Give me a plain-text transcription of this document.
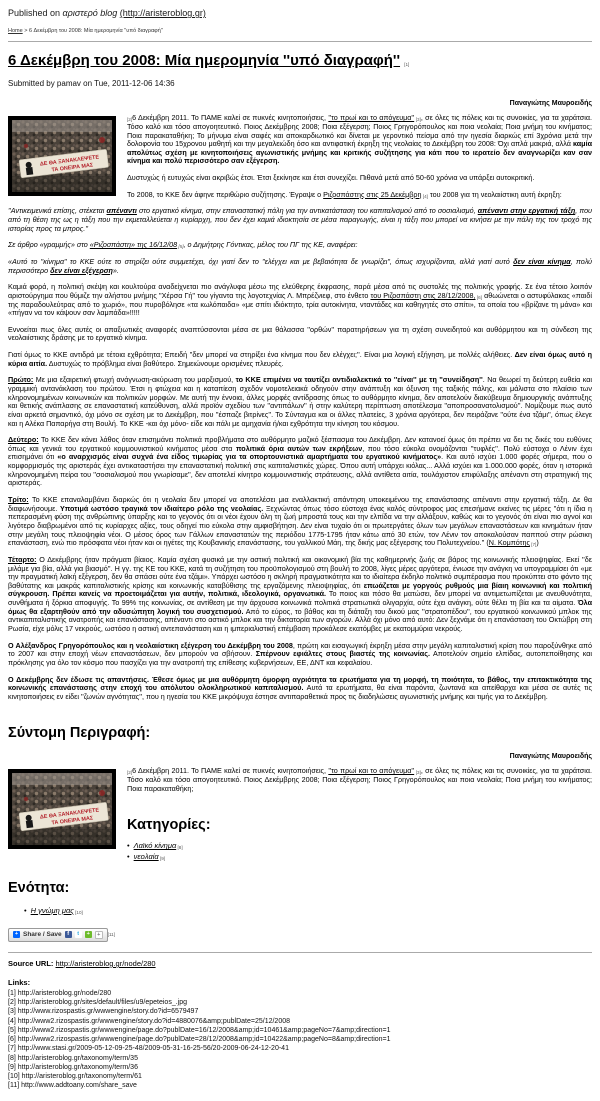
Published on αριστερό blog (http://aristeroblog.gr)
Home > 6 Δεκέμβρη του 2008: Μία ημερομηνία ''υπό διαγραφή''
6 Δεκέμβρη του 2008: Μία ημερομηνία ''υπό διαγραφή'' [1]
Submitted by pamav on Tue, 2011-12-06 14:36
Παναγιώτης Μαυροειδής

[2]6 Δεκέμβρη 2011. Το ΠΑΜΕ καλεί σε πυκνές κινητοποιήσεις, ''το πρωί και το απόγευμα'' [3], σε όλες τις πόλεις και τις συνοικίες, για τα χαράτσια. Τόσο καλό και τόσο απογοητευτικό. Ποιος Δεκέμβρης 2008; Ποια εξέγερση; Ποιος Γρηγορόπουλος και ποια νεολαία; Ποια μνήμη του κινήματος; Ποια παρακαταθήκη; Το μήνυμα είναι σαφές και αποκαρδιωτικό και δίνεται με γεροντικό πείσμα από την ηγεσία διαρκώς επί 3χρόνια μετά την δολοφονία του 15χρονου μαθητή και την μεγαλειώδη όσο και αντιφατική έκρηξη της νεολαίας το Δεκέμβρη του 2008: Όχι απλά μακριά, αλλά καμία απολύτως σχέση με κινητοποιήσεις αγωνιστικής μνήμης και κριτικής συζήτησης για κάτι που το ιερατείο δεν αναγνωρίζει καν σαν κίνημα και πολύ περισσότερο σαν εξέγερση.

Δυστυχώς ή ευτυχώς είναι ακριβώς έτσι. Έτσι ξεκίνησε και έτσι συνεχίζει. Πιθανά μετά από 50-60 χρόνια να υπάρξει αυτοκριτική.

Το 2008, το ΚΚΕ δεν άφηνε περιθώριο συζήτησης. Έγραψε ο Ριζοσπάστης στις 25 Δεκέμβρη [4] του 2008 για τη νεολαιίστικη αυτή έκρηξη:

''Αντικειμενικά επίσης, στέκεται απέναντι στο εργατικό κίνημα, στην επαναστατική πάλη για την αντικατάσταση του καπιταλισμού από το σοσιαλισμό, απέναντι στην εργατική τάξη, που από τη θέση της ως η τάξη που την εκμεταλλεύεται η κυρίαρχη, που δεν έχει καμιά ιδιοκτησία σε μέσα παραγωγής, είναι η τάξη που μπορεί να κινήσει με την πάλη της τον τροχό της ιστορίας προς τα μπρος.''

Σε άρθρο «γραμμής» στο «Ριζοσπάστη» της 16/12/08 [5], ο Δημήτρης Γόντικας, μέλος του ΠΓ της ΚΕ, αναφέρει:

«Αυτό το "κίνημα" το ΚΚΕ ούτε το στηρίζει ούτε συμμετέχει, όχι γιατί δεν το "ελέγχει και με βεβαιότητα δε γνωρίζει", όπως ισχυρίζονται, αλλά γιατί αυτό δεν είναι κίνημα, πολύ περισσότερο δεν είναι εξέγερση».

Καμιά φορά, η πολιτική σκέψη και κουλτούρα αναδείχνεται πιο ανάγλυφα μέσω της ελεύθερης έκφρασης, παρά μέσα από τις συστολές της πολιτικής γραφής. Σε ένα τέτοιο λοιπόν αριστούργημα που θύμιζε την αλήστου μνήμης ''Χέρσα Γή'' του γίγαντα της λογοτεχνίας Λ. Μπρέζνιεφ, στο ένθετο του Ριζοσπάστη στις 28/12/2008, [6] αθωώνεται ο αστυφύλακας «παιδί της παραδουλεύτρας από το χωριό», που πυροβόλησε «τα κωλόπαιδα» «με σπίτι ιδιόκτητο, τρία αυτοκίνητα, νταντάδες και καθηγητές στο σπίτι», τα οποία του «βρίζανε τη μάνα» και «πήγαν να τον κάψουν σαν λαμπάδα»!!!!!

Εννοείται πως όλες αυτές οι απαξιωτικές αναφορές αναπτύσσονται μέσα σε μια θάλασσα ''ορθών'' παρατηρήσεων για τη σχέση συνειδητού και αυθόρμητου και τη σύνδεση της νεολαιίστικης δράσης με το εργατικό κίνημα.

Γιατί όμως το ΚΚΕ αντιδρά με τέτοια εχθρότητα; Επειδή ''δεν μπορεί να στηρίξει ένα κίνημα που δεν ελέγχει;''. Είναι μια λογική εξήγηση, με πολλές αλήθειες. Δεν είναι όμως αυτό η κύρια αιτία. Δυστυχώς το πρόβλημα είναι βαθύτερο. Σημειώνουμε ορισμένες πλευρές.

Πρώτο: Με μια εξαιρετική φτωχή ανάγνωση-ακύρωση του μαρξισμού, το ΚΚΕ επιμένει να ταυτίζει αντιδιαλεκτικά το ''είναι'' με τη ''συνείδηση''. Να θεωρεί τη δεύτερη ευθεία και γραμμική αντανάκλαση του πρώτου. Έτσι η φτώχεια και η καταπίεση σχεδόν νομοτελειακά οδηγούν στην ανάπτυξη και όξυνση της ταξικής πάλης, και μάλιστα στο πλαίσιο των κληρονομημένων κοινωνικών και πολιτικών μορφών. Με αυτή την έννοια, άλλες μορφές αντίδρασης όπως το αυθόρμητο κίνημα, δεν αποτελούν διακύβευμα δημιουργικής ανάπτυξης και θετικής ανάπλασης σε επαναστατική κατεύθυνση, αλλά προϊόν σχεδίου των ''αντιπάλων'' ή στην καλύτερη περίπτωση αποτέλεσμα ''αποπροσανατολισμού''. Νομίζουμε πως αυτό είναι αρκετά σημαντικό, όχι μόνο σε σχέση με το Δεκέμβρη, που ''έσπαζε βιτρίνες''. Το Σύνταγμα και οι άλλες πλατείες, 3 χρόνια αργότερα, δεν πειράζανε ''ούτε ένα τζάμι'', όπως έλεγε και η Αλέκα Παπαρήγα στη Βουλή. Το ΚΚΕ -και όχι μόνο- είδε και πάλι με αμηχανία ή/και εχθρότητα την κίνηση του κόσμου.

Δεύτερο: Το ΚΚΕ δεν κάνει λάθος όταν επισημάνει πολιτικά προβλήματα στο αυθόρμητο μαζικό ξέσπασμα του Δεκέμβρη. Δεν κατανοεί όμως ότι πρέπει να δει τις δικές του ευθύνες όπως και γενικά του εργατικού κομμουνιστικού κινήματος μέσα στα πολιτικά όρια αυτών των εκρήξεων, που τόσο εύκολα ονομάζονται ''τυφλές''. Πολύ εύστοχα ο Λένιν έχει επισημάνει ότι «ο αναρχισμός είναι συχνά ένα είδος τιμωρίας για τα οπορτουνιστικά αμαρτήματα του εργατικού κινήματος». Και αυτό ισχύει 1.000 φορές σήμερα, που ο κομφορμισμός της αριστεράς έχει αντικαταστήσει την επαναστατική πολιτική στις καπιταλιστικές χώρες. Όπου αυτή υπάρχει κιόλας... Αλλά ισχύει και 1.000.000 φορές, όταν η ιστορικά κληρονομημένη πείρα του ''σοσιαλισμού που γνωρίσαμε'', δεν αποτελεί κίνητρο κομμουνιστικής στράτευσης, αλλά αντίθετα αιτία, τουλάχιστον επιφύλαξης απέναντι στη στρατηγική της αριστεράς.

Τρίτο: Το ΚΚΕ επαναλαμβάνει διαρκώς ότι η νεολαία δεν μπορεί να αποτελέσει μια εναλλακτική απάντηση υποκειμένου της επανάστασης απέναντι στην εργατική τάξη. Δε θα διαφωνήσουμε. Υποτιμά ωστόσο τραγικά τον ιδιαίτερο ρόλο της νεολαίας. Ξεχνώντας όπως τόσο εύστοχα ένας καλός σύντροφος μας επεσήμανε εκείνες τις μέρες ''ότι η ίδια η πεπερασμένη φύση της ανθρώπινης ύπαρξης και το γεγονός ότι οι νέοι έχουν όλη τη ζωή μπροστά τους και την ελπίδα να την αλλάξουν, καθώς και το γεγονός ότι είναι πιο αγνοί και λιγότερο διαβρωμένοι από τις κυρίαρχες αξίες, τους οδηγεί πιο εύκολα στην αμφισβήτηση. Δεν είναι τυχαίο ότι οι πρωτεργάτες όλων των μεγάλων επαναστάσεων και κινημάτων ήταν στην μεγάλη τους πλειοψηφία νέοι. Ο μέσος όρος των Γάλλων επαναστατών της περιόδου 1775-1795 ήταν κάτω από 30 ετών, τον Λένιν τον αποκαλούσαν παππού στην ρώσικη επανάσταση, ενώ πιο πρόσφατα νέοι ήταν και οι ηγέτες της Κουβανικής επανάστασης, του γαλλικού Μάη, της δικής μας εξέγερσης του Πολυτεχνείου.'' (Ν. Κομπότης [7])

Τέταρτο: Ο Δεκέμβρης ήταν πράγματι βίαιος. Καμία σχέση φυσικά με την αστική πολιτική και οικονομική βία της καθημερινής ζωής σε βάρος της κοινωνικής πλειοψηφίας. Εκεί ''δε μιλάμε για βία, αλλά για βιασμό''. Η γγ. της ΚΕ του ΚΚΕ, κατά τη συζήτηση του προϋπολογισμού στη βουλή το 2008, λίγες μέρες αργότερα, ένιωσε την ανάγκη να υπογραμμίσει ότι «με την πραγματική λαϊκή εξέγερση, δεν θα σπάσει ούτε ένα τζάμι». Υπάρχει ωστόσο η σκληρή πραγματικότητα και το ιδιαίτερα έκδηλο πολιτικό συμπέρασμα που προκύπτει στο φόντο της βαθύτατης και μακράς καπιταλιστικής κρίσης και κοινωνικής καταβύθισης της εργαζόμενης πλειοψηφίας, ότι επωάζεται με γοργούς ρυθμούς μια βίαιη κοινωνική και πολιτική σύγκρουση. Πρέπει κανείς να προετοιμάζεται για αυτήν, πολιτικά, ιδεολογικά, οργανωτικά. Το ποιος και πόσο θα ματώσει, δεν μπορεί να αντιμετωπίζεται με ανευθυνότητα, συνθήματα ή ξόρκια αποφυγής. Το 99% της κοινωνίας, σε αντίθεση με την άρχουσα κοινωνικά πολιτικά στρατιωτικά ολιγαρχία, ούτε έχει ανάγκη, ούτε θέλει τη βία και τα αίματα. Όλα όμως θα εξαρτηθούν από την αδυσώπητη λογική του συσχετισμού. Από το εύρος, το βάθος και τη διάταξη του δικού μας ''στρατοπέδου'', του εργατικού κοινωνικού μπλοκ της αντικαπιταλιστικής ανατροπής και επανάστασης, απέναντι στο αστικό μπλοκ και την δικτατορία των αγορών. Αλλά όχι μόνο από αυτό: Δεν ξεχνάμε ότι η επανάσταση του Οκτώβρη στη Ρωσία, είχε μόλις 17 νεκρούς, ωστόσο η αστική αντεπανάσταση και η ιμπεριαλιστική επέμβαση προκάλεσε εκατόμβες με εκατομμύρια νεκρούς.

Ο Αλέξανδρος Γρηγορόπουλος και η νεολαιίστικη εξέγερση του Δεκέμβρη του 2008, πρώτη και εισαγωγική έκρηξη μέσα στην μεγάλη καπιταλιστική κρίση που παροξύνθηκε από το 2007 και στην εποχή νέων επαναστάσεων, δεν μπορούν να σβήσουν. Σπέρνουν εφιάλτες στους βιαστές της κοινωνίας. Αποτελούν σημείο ελπίδας, αυτοπεποίθησης και πρόκλησης για όλο τον κόσμο που πασχίζει για την ανατροπή της επίθεσης κυβερνήσεων, ΕΕ, ΔΝΤ και κεφαλαίου.

Ο Δεκέμβρης δεν έδωσε τις απαντήσεις. Έθεσε όμως με μια αυθόρμητη όμορφη αγριότητα τα ερωτήματα για τη μορφή, τη ποιότητα, το βάθος, την επιτακτικότητα της κοινωνικής επανάστασης στην εποχή του απόλυτου ολοκληρωτικού καπιταλισμού. Αυτά τα ερωτήματα, θα είναι παρόντα, ζωντανά και απείθαρχα και μέσα σε αυτές τις κινητοποιήσεις εν είδει ''ζωνών αγνότητας'', που η ηγεσία του ΚΚΕ μικρόψυχα έστησε αντιπαραθετικά προς τις διαδηλώσεις αγωνιστικής μνήμης και τιμής για το Δεκέμβρη.

Σύντομη Περιγραφή:
Παναγιώτης Μαυροειδής

[2]6 Δεκέμβρη 2011. Το ΠΑΜΕ καλεί σε πυκνές κινητοποιήσεις, ''το πρωί και το απόγευμα'' [3], σε όλες τις πόλεις και τις συνοικίες, για τα χαράτσια. Τόσο καλό και τόσο απογοητευτικό. Ποιος Δεκέμβρης 2008; Ποια εξέγερση; Ποιος Γρηγορόπουλος και ποια νεολαία; Ποια μνήμη του κινήματος; Ποια παρακαταθήκη;

Κατηγορίες:
• Λαϊκό κίνημα [8]
• νεολαία [9]
Ενότητα:
• Η γνώμη μας [10]
+ Share / Save	f	t	+	+	[11]
Source URL: http://aristeroblog.gr/node/280
Links:
[1] http://aristeroblog.gr/node/280
[2] http://aristeroblog.gr/sites/default/files/u9/epeteios_.jpg
[3] http://www.rizospastis.gr/wwwengine/story.do?id=6579497
[4] http://www2.rizospastis.gr/wwwengine/story.do?id=4880076&amp;publDate=25/12/2008
[5] http://www2.rizospastis.gr/wwwengine/page.do?publDate=16/12/2008&amp;id=10461&amp;pageNo=7&amp;direction=1
[6] http://www2.rizospastis.gr/wwwengine/page.do?publDate=28/12/2008&amp;id=10422&amp;pageNo=8&amp;direction=1
[7] http://www.stasi.gr/2009-05-12-09-25-48/2009-05-31-16-25-56/20-2009-06-24-12-20-41
[8] http://aristeroblog.gr/taxonomy/term/35
[9] http://aristeroblog.gr/taxonomy/term/36
[10] http://aristeroblog.gr/taxonomy/term/61
[11] http://www.addtoany.com/share_save
